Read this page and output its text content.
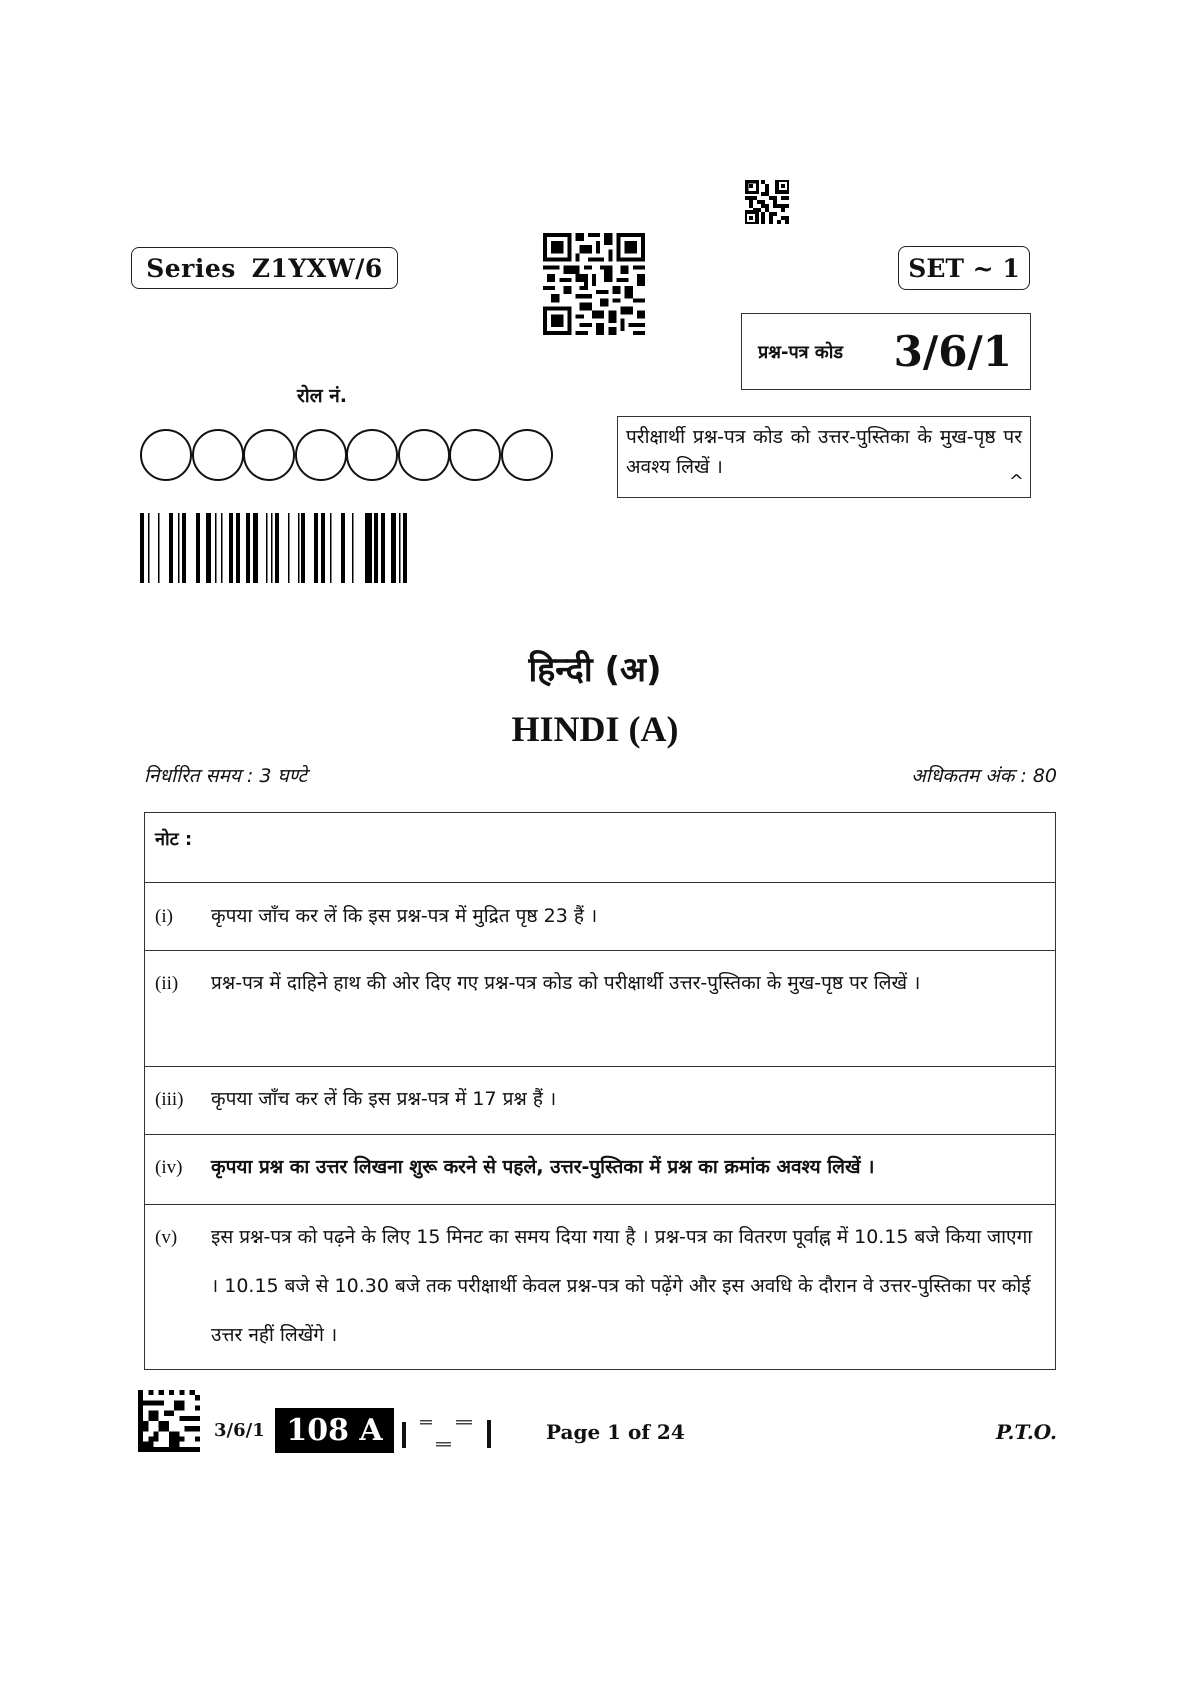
Series Z1YXW/6	SET ~ 1
प्रश्न-पत्र कोड 3/6/1
रोल नं.
परीक्षार्थी प्रश्न-पत्र कोड को उत्तर-पुस्तिका के मुख-पृष्ठ पर अवश्य लिखें ।
^
हिन्दी (अ)
HINDI (A)
निर्धारित समय : 3 घण्टे	अधिकतम अंक : 80
नोट :
(i)	कृपया जाँच कर लें कि इस प्रश्न-पत्र में मुद्रित पृष्ठ 23 हैं ।
(ii)	प्रश्न-पत्र में दाहिने हाथ की ओर दिए गए प्रश्न-पत्र कोड को परीक्षार्थी उत्तर-पुस्तिका के मुख-पृष्ठ पर लिखें ।
(iii)	कृपया जाँच कर लें कि इस प्रश्न-पत्र में 17 प्रश्न हैं ।
(iv)	कृपया प्रश्न का उत्तर लिखना शुरू करने से पहले, उत्तर-पुस्तिका में प्रश्न का क्रमांक अवश्य लिखें ।
(v)	इस प्रश्न-पत्र को पढ़ने के लिए 15 मिनट का समय दिया गया है । प्रश्न-पत्र का वितरण पूर्वाह्न में 10.15 बजे किया जाएगा । 10.15 बजे से 10.30 बजे तक परीक्षार्थी केवल प्रश्न-पत्र को पढ़ेंगे और इस अवधि के दौरान वे उत्तर-पुस्तिका पर कोई उत्तर नहीं लिखेंगे ।
3/6/1 108 A	Page 1 of 24	P.T.O.
